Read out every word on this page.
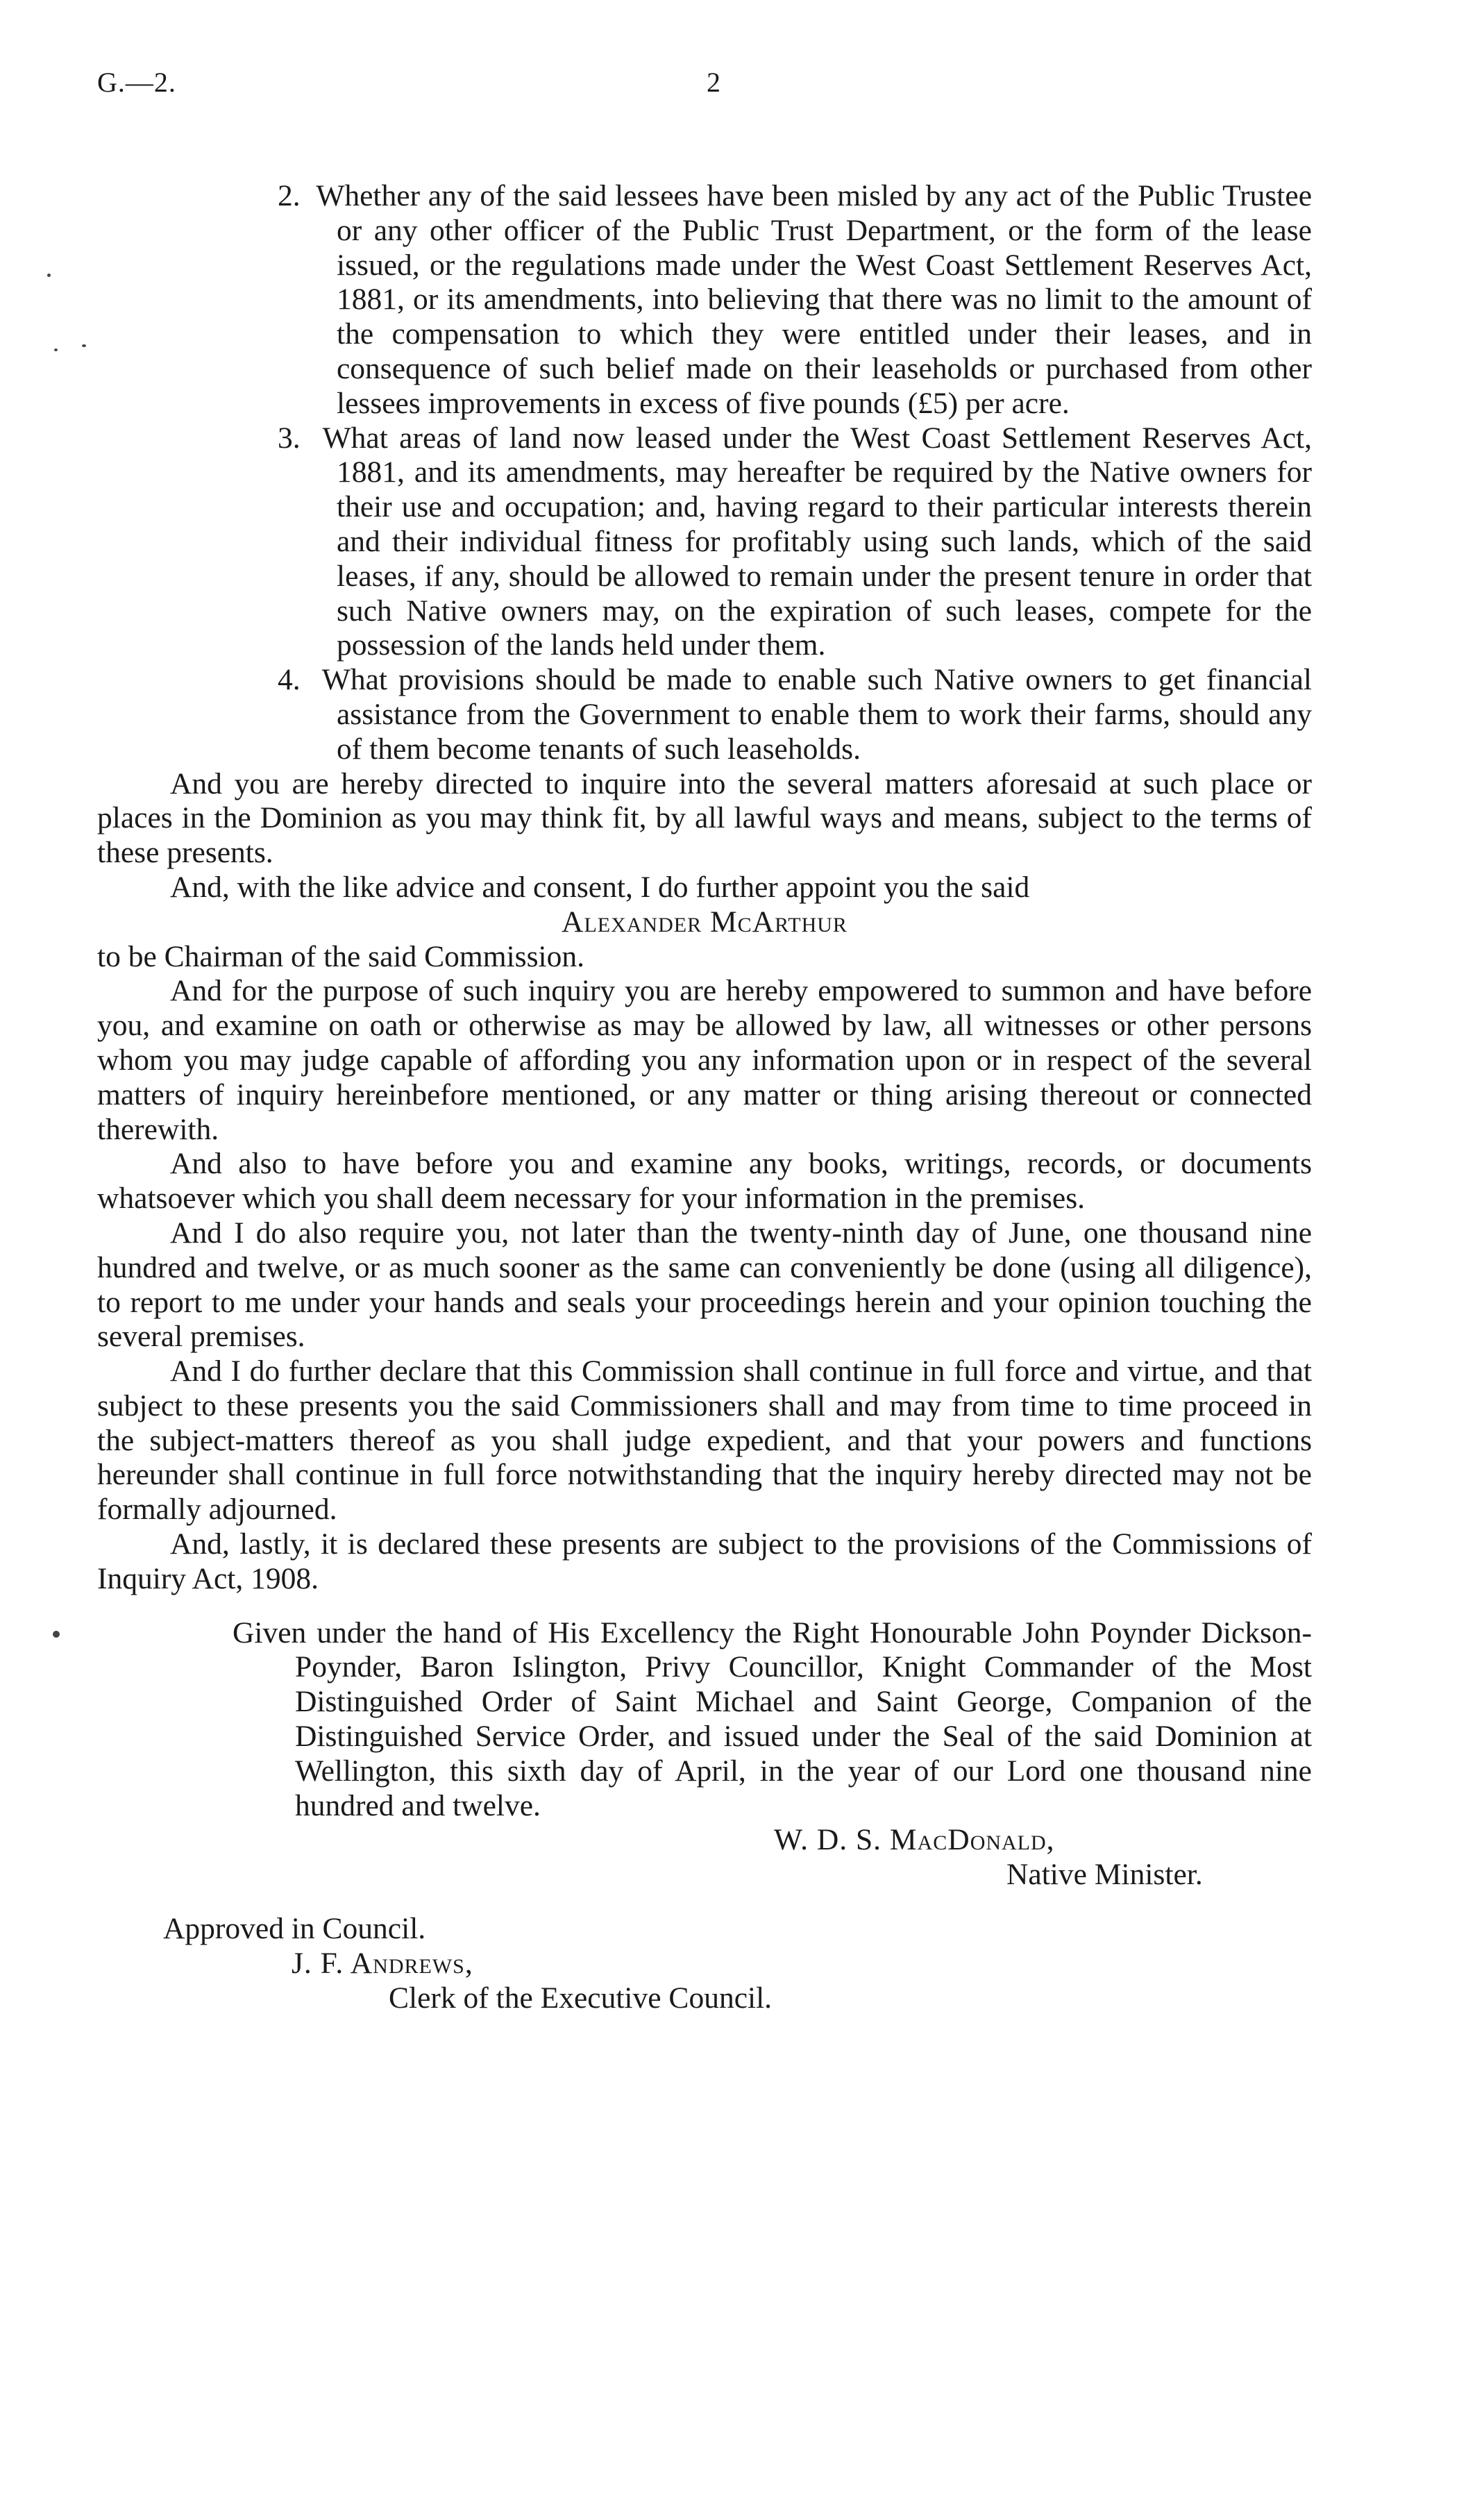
G.—2.	2

2. Whether any of the said lessees have been misled by any act of the Public Trustee or any other officer of the Public Trust Department, or the form of the lease issued, or the regulations made under the West Coast Settlement Reserves Act, 1881, or its amendments, into believing that there was no limit to the amount of the compensation to which they were entitled under their leases, and in consequence of such belief made on their leaseholds or purchased from other lessees improvements in excess of five pounds (£5) per acre.

3. What areas of land now leased under the West Coast Settlement Reserves Act, 1881, and its amendments, may hereafter be required by the Native owners for their use and occupation; and, having regard to their particular interests therein and their individual fitness for profitably using such lands, which of the said leases, if any, should be allowed to remain under the present tenure in order that such Native owners may, on the expiration of such leases, compete for the possession of the lands held under them.

4. What provisions should be made to enable such Native owners to get financial assistance from the Government to enable them to work their farms, should any of them become tenants of such leaseholds.

And you are hereby directed to inquire into the several matters aforesaid at such place or places in the Dominion as you may think fit, by all lawful ways and means, subject to the terms of these presents.

And, with the like advice and consent, I do further appoint you the said

Alexander McArthur

to be Chairman of the said Commission.

And for the purpose of such inquiry you are hereby empowered to summon and have before you, and examine on oath or otherwise as may be allowed by law, all witnesses or other persons whom you may judge capable of affording you any information upon or in respect of the several matters of inquiry hereinbefore mentioned, or any matter or thing arising thereout or connected therewith.

And also to have before you and examine any books, writings, records, or documents whatsoever which you shall deem necessary for your information in the premises.

And I do also require you, not later than the twenty-ninth day of June, one thousand nine hundred and twelve, or as much sooner as the same can conveniently be done (using all diligence), to report to me under your hands and seals your proceedings herein and your opinion touching the several premises.

And I do further declare that this Commission shall continue in full force and virtue, and that subject to these presents you the said Commissioners shall and may from time to time proceed in the subject-matters thereof as you shall judge expedient, and that your powers and functions hereunder shall continue in full force notwithstanding that the inquiry hereby directed may not be formally adjourned.

And, lastly, it is declared these presents are subject to the provisions of the Commissions of Inquiry Act, 1908.

Given under the hand of His Excellency the Right Honourable John Poynder Dickson-Poynder, Baron Islington, Privy Councillor, Knight Commander of the Most Distinguished Order of Saint Michael and Saint George, Companion of the Distinguished Service Order, and issued under the Seal of the said Dominion at Wellington, this sixth day of April, in the year of our Lord one thousand nine hundred and twelve.

W. D. S. MacDonald,
Native Minister.
Approved in Council.
J. F. Andrews,
Clerk of the Executive Council.
